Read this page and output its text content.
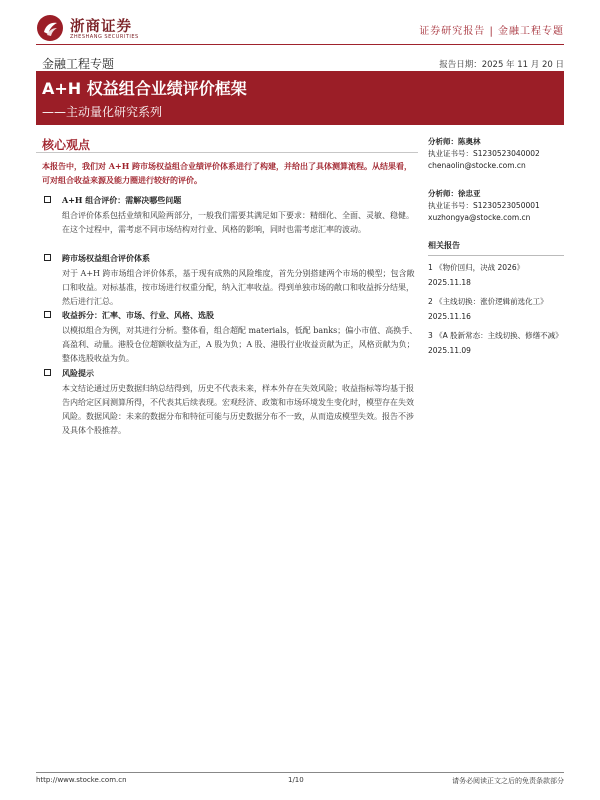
浙商证券
ZHESHANG SECURITIES	证券研究报告 | 金融工程专题
金融工程专题	报告日期：2025 年 11 月 20 日
A+H 权益组合业绩评价框架
——主动量化研究系列
核心观点
本报告中，我们对 A+H 跨市场权益组合业绩评价体系进行了构建，并给出了具体测算流程。从结果看，可对组合收益来源及能力圈进行较好的评价。
A+H 组合评价：需解决哪些问题
组合评价体系包括业绩和风险两部分，一般我们需要其满足如下要求：精细化、全面、灵敏、稳健。在这个过程中，需考虑不同市场结构对行业、风格的影响，同时也需考虑汇率的波动。
跨市场权益组合评价体系
对于 A+H 跨市场组合评价体系，基于现有成熟的风险维度，首先分别搭建两个市场的模型；包含敞口和收益。对标基准，按市场进行权重分配，纳入汇率收益。得到单独市场的敞口和收益拆分结果，然后进行汇总。
收益拆分：汇率、市场、行业、风格、选股
以模拟组合为例，对其进行分析。整体看，组合超配 materials，低配 banks；偏小市值、高换手、高盈利、动量。港股仓位超额收益为正，A 股为负；A 股、港股行业收益贡献为正，风格贡献为负；整体选股收益为负。
风险提示
本文结论通过历史数据归纳总结得到，历史不代表未来，样本外存在失效风险；收益指标等均基于报告内给定区间测算所得，不代表其后续表现。宏观经济、政策和市场环境发生变化时，模型存在失效风险。数据风险：未来的数据分布和特征可能与历史数据分布不一致，从而造成模型失效。报告不涉及具体个股推荐。
分析师：陈奥林
执业证书号：S1230523040002
chenaolin@stocke.com.cn
分析师：徐忠亚
执业证书号：S1230523050001
xuzhongya@stocke.com.cn
相关报告
1 《物价回归，决战 2026》 2025.11.18
2 《主线切换：涨价逻辑前选化工》 2025.11.16
3 《A 股新常态：主线切换、修缮不减》 2025.11.09
http://www.stocke.com.cn	1/10	请务必阅读正文之后的免责条款部分
